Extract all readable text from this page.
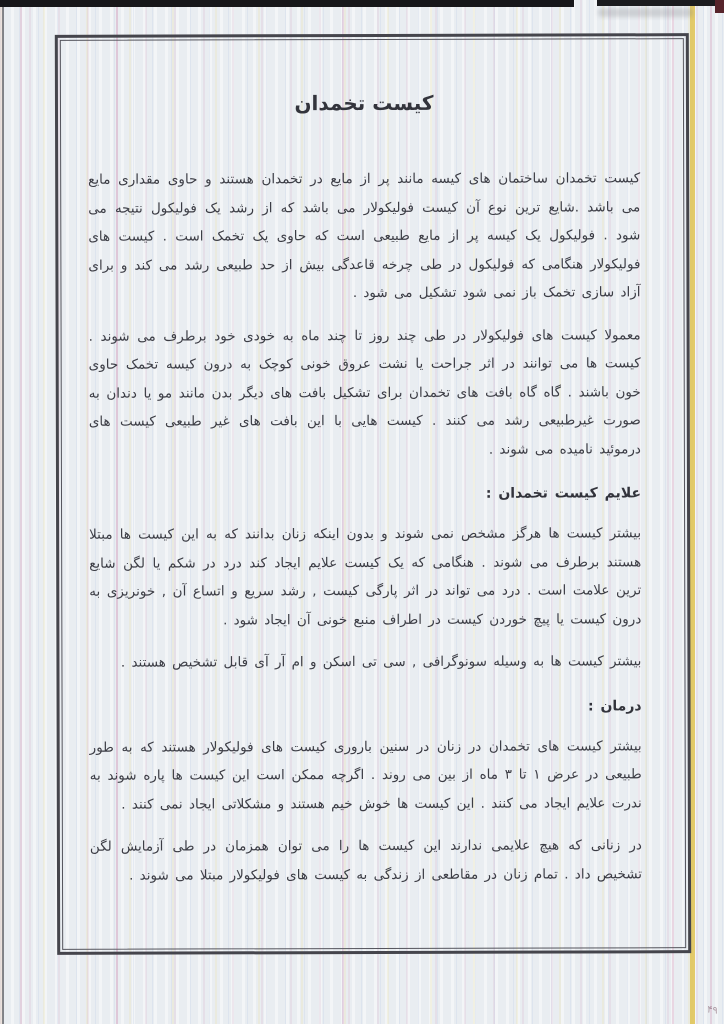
کیست تخمدان

کیست تخمدان ساختمان های کیسه مانند پر از مایع در تخمدان هستند و حاوی مقداری مایع می باشد .شایع ترین نوع آن کیست فولیکولار می باشد که از رشد یک فولیکول نتیجه می شود . فولیکول یک کیسه پر از مایع طبیعی است که حاوی یک تخمک است . کیست های فولیکولار هنگامی که فولیکول در طی چرخه قاعدگی بیش از حد طبیعی رشد می کند و برای آزاد سازی تخمک باز نمی شود تشکیل می شود .

معمولا کیست های فولیکولار در طی چند روز تا چند ماه به خودی خود برطرف می شوند . کیست ها می توانند در اثر جراحت یا نشت عروق خونی کوچک به درون کیسه تخمک حاوی خون باشند . گاه گاه بافت های تخمدان برای تشکیل بافت های دیگر بدن مانند مو یا دندان به صورت غیرطبیعی رشد می کنند . کیست هایی با این بافت های غیر طبیعی کیست های درموئید نامیده می شوند .

علایم کیست تخمدان :

بیشتر کیست ها هرگز مشخص نمی شوند و بدون اینکه زنان بدانند که به این کیست ها مبتلا هستند برطرف می شوند . هنگامی که یک کیست علایم ایجاد کند درد در شکم یا لگن شایع ترین علامت است . درد می تواند در اثر پارگی کیست , رشد سریع و اتساع آن , خونریزی به درون کیست یا پیچ خوردن کیست در اطراف منبع خونی آن ایجاد شود .

بیشتر کیست ها به وسیله سونوگرافی , سی تی اسکن و ام آر آی قابل تشخیص هستند .

درمان :

بیشتر کیست های تخمدان در زنان در سنین باروری کیست های فولیکولار هستند که به طور طبیعی در عرض ۱ تا ۳ ماه از بین می روند . اگرچه ممکن است این کیست ها پاره شوند به ندرت علایم ایجاد می کنند . این کیست ها خوش خیم هستند و مشکلاتی ایجاد نمی کنند .

در زنانی که هیچ علایمی ندارند این کیست ها را می توان همزمان در طی آزمایش لگن تشخیص داد . تمام زنان در مقاطعی از زندگی به کیست های فولیکولار مبتلا می شوند .

۴۹
